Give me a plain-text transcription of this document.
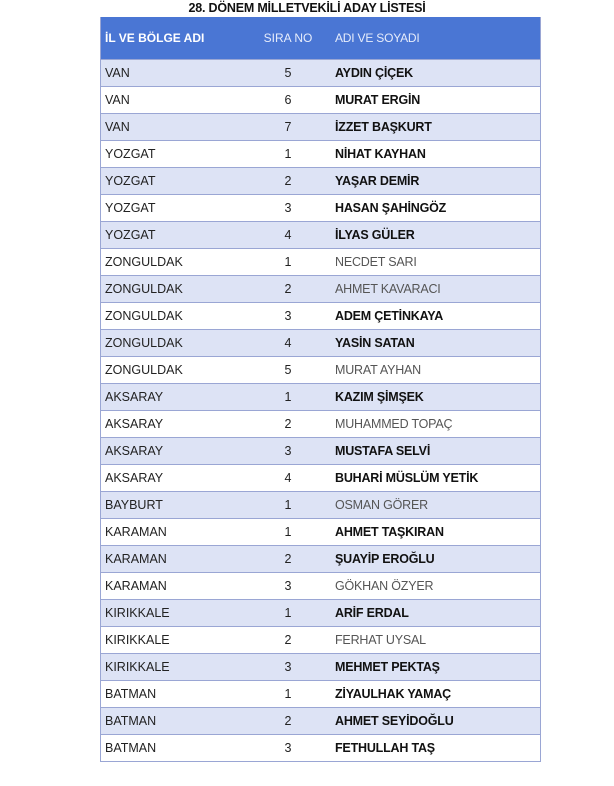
28. DÖNEM MİLLETVEKİLİ ADAY LİSTESİ
İL VE BÖLGE ADI	SIRA NO	ADI VE SOYADI
VAN	5	AYDIN ÇİÇEK
VAN	6	MURAT ERGİN
VAN	7	İZZET BAŞKURT
YOZGAT	1	NİHAT KAYHAN
YOZGAT	2	YAŞAR DEMİR
YOZGAT	3	HASAN ŞAHİNGÖZ
YOZGAT	4	İLYAS GÜLER
ZONGULDAK	1	NECDET SARI
ZONGULDAK	2	AHMET KAVARACI
ZONGULDAK	3	ADEM ÇETİNKAYA
ZONGULDAK	4	YASİN SATAN
ZONGULDAK	5	MURAT AYHAN
AKSARAY	1	KAZIM ŞİMŞEK
AKSARAY	2	MUHAMMED TOPAÇ
AKSARAY	3	MUSTAFA SELVİ
AKSARAY	4	BUHARİ MÜSLÜM YETİK
BAYBURT	1	OSMAN GÖRER
KARAMAN	1	AHMET TAŞKIRAN
KARAMAN	2	ŞUAYİP EROĞLU
KARAMAN	3	GÖKHAN ÖZYER
KIRIKKALE	1	ARİF ERDAL
KIRIKKALE	2	FERHAT UYSAL
KIRIKKALE	3	MEHMET PEKTAŞ
BATMAN	1	ZİYAULHAK YAMAÇ
BATMAN	2	AHMET SEYİDOĞLU
BATMAN	3	FETHULLAH TAŞ
